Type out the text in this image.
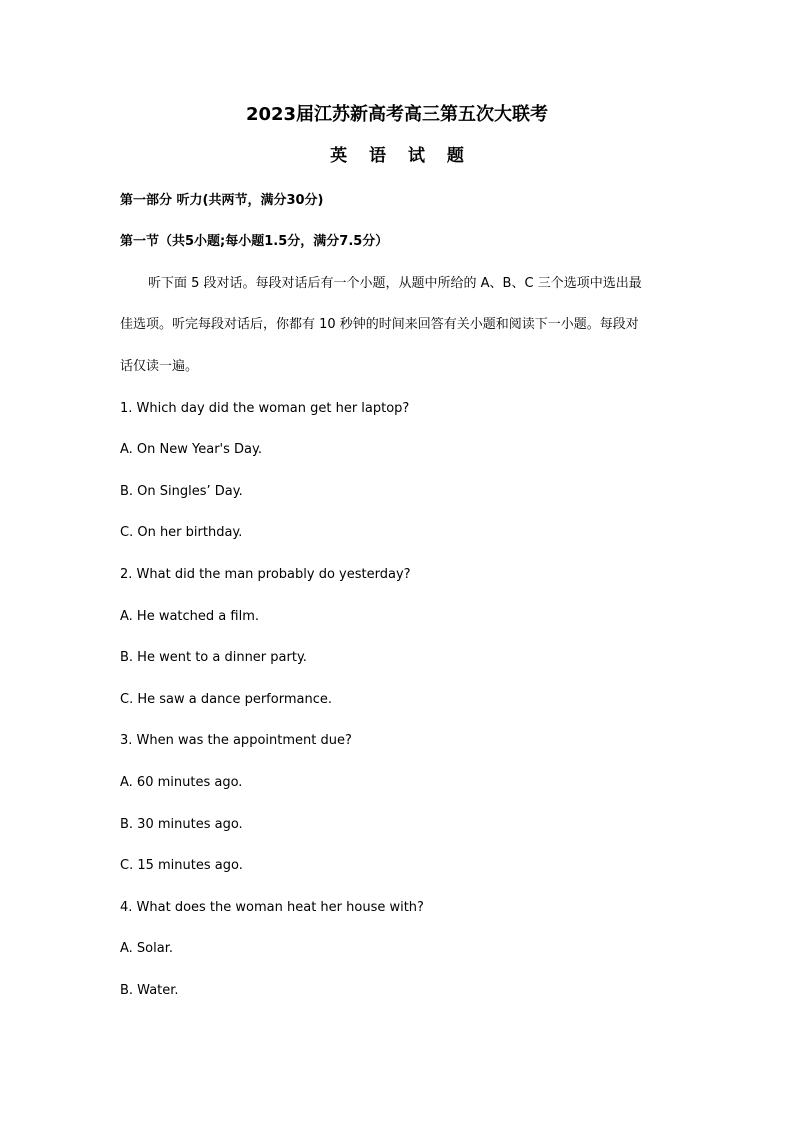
2023届江苏新高考高三第五次大联考
英 语 试 题
第一部分 听力(共两节，满分30分)
第一节（共5小题;每小题1.5分，满分7.5分）
听下面 5 段对话。每段对话后有一个小题，从题中所给的 A、B、C 三个选项中选出最
佳选项。听完每段对话后，你都有 10 秒钟的时间来回答有关小题和阅读下一小题。每段对
话仅读一遍。
1. Which day did the woman get her laptop?
A. On New Year's Day.
B. On Singles’ Day.
C. On her birthday.
2. What did the man probably do yesterday?
A. He watched a film.
B. He went to a dinner party.
C. He saw a dance performance.
3. When was the appointment due?
A. 60 minutes ago.
B. 30 minutes ago.
C. 15 minutes ago.
4. What does the woman heat her house with?
A. Solar.
B. Water.
